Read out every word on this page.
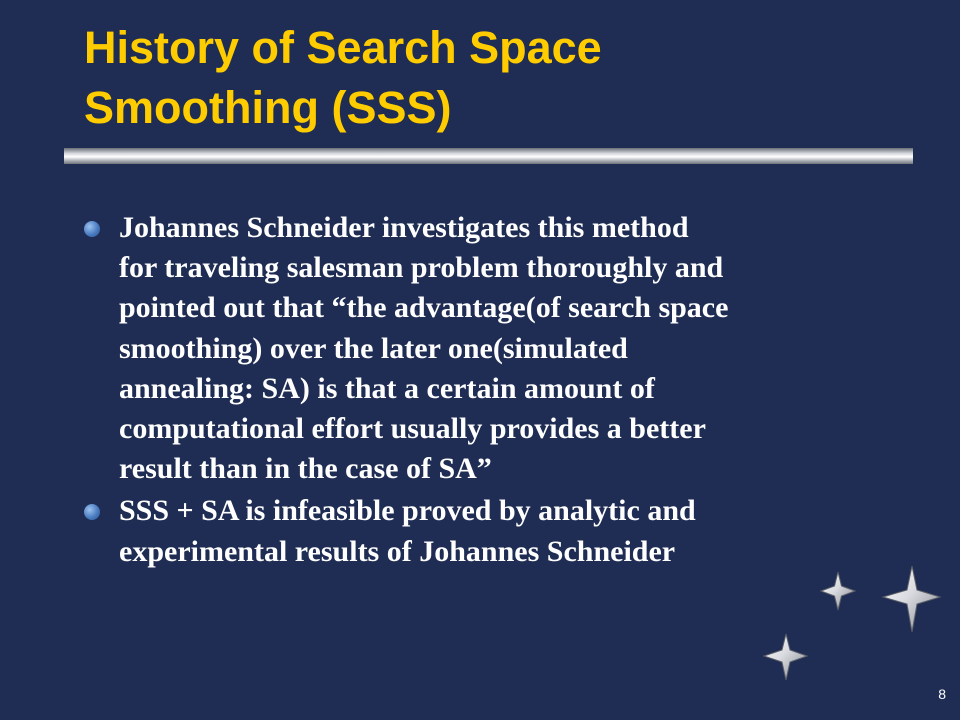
History of Search Space
Smoothing (SSS)
Johannes Schneider investigates this method
for traveling salesman problem thoroughly and
pointed out that “the advantage(of search space
smoothing) over the later one(simulated
annealing: SA) is that a certain amount of
computational effort usually provides a better
result than in the case of SA”
SSS + SA is infeasible proved by analytic and
experimental results of Johannes Schneider
8
